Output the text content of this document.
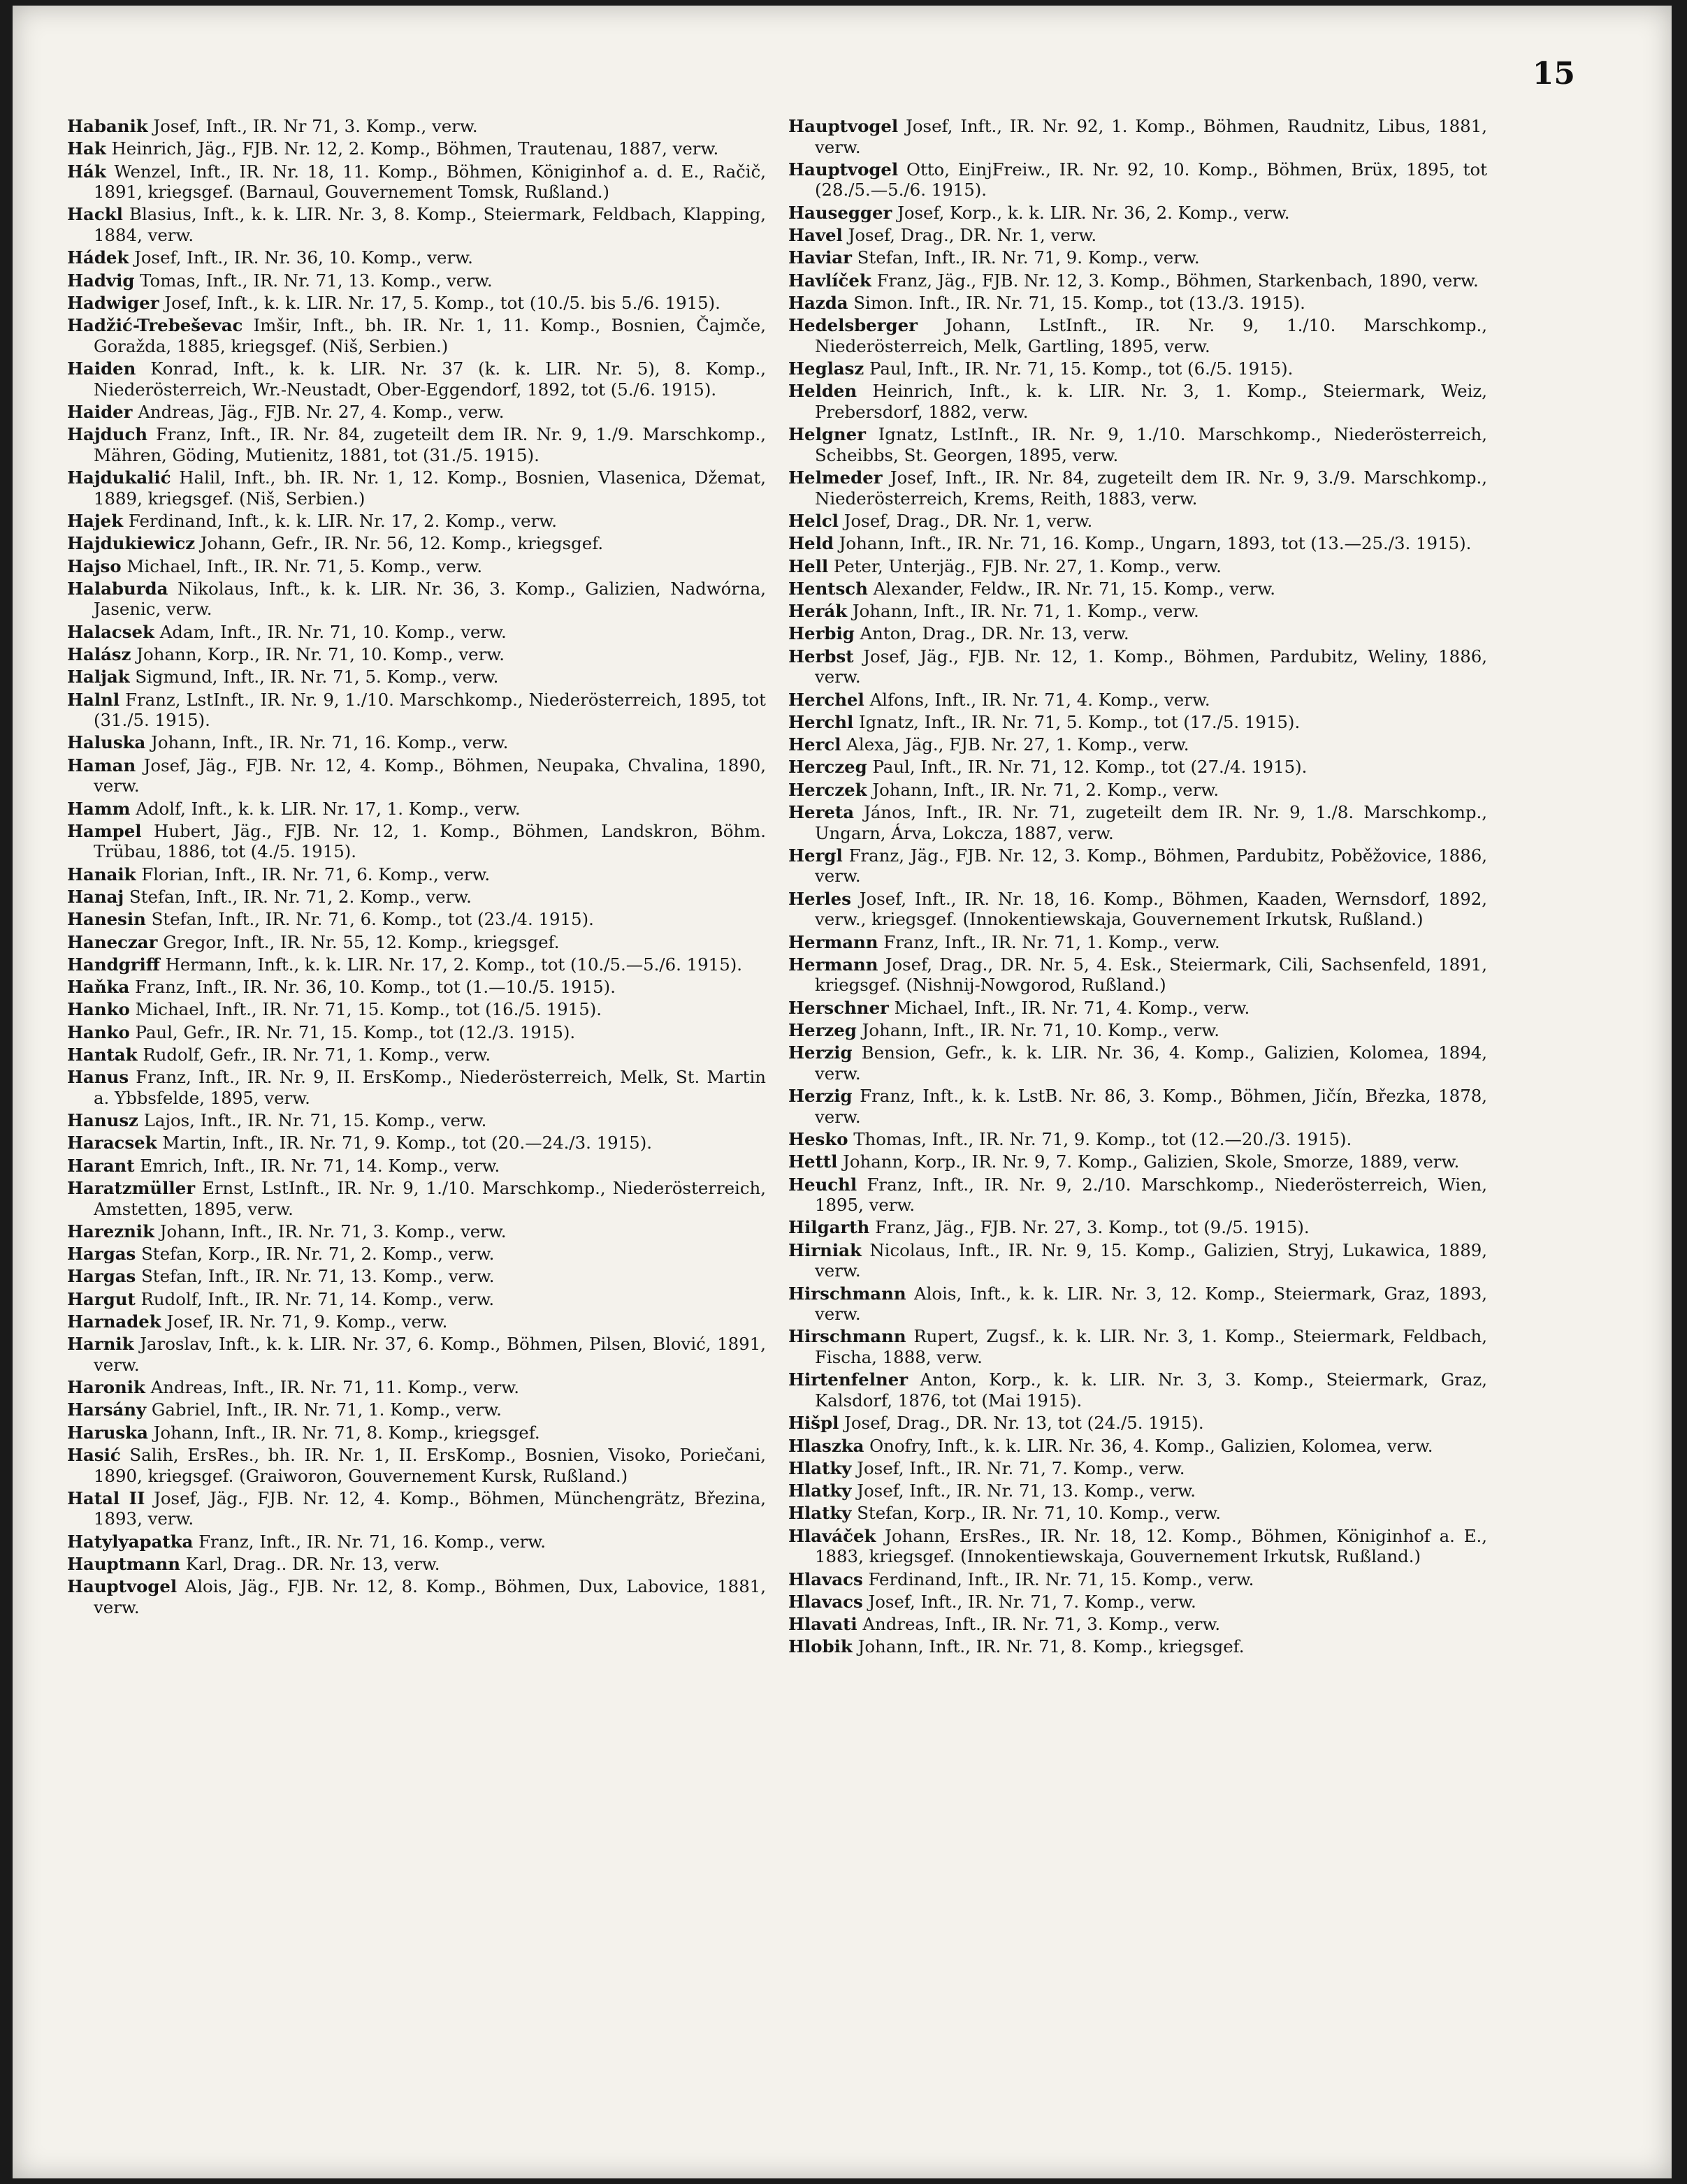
15

Habanik Josef, Inft., IR. Nr 71, 3. Komp., verw.

Hak Heinrich, Jäg., FJB. Nr. 12, 2. Komp., Böhmen, Trautenau, 1887, verw.

Hák Wenzel, Inft., IR. Nr. 18, 11. Komp., Böhmen, Königinhof a. d. E., Račič, 1891, kriegsgef. (Barnaul, Gouvernement Tomsk, Rußland.)

Hackl Blasius, Inft., k. k. LIR. Nr. 3, 8. Komp., Steiermark, Feldbach, Klapping, 1884, verw.

Hádek Josef, Inft., IR. Nr. 36, 10. Komp., verw.

Hadvig Tomas, Inft., IR. Nr. 71, 13. Komp., verw.

Hadwiger Josef, Inft., k. k. LIR. Nr. 17, 5. Komp., tot (10./5. bis 5./6. 1915).

Hadžić-Trebeševac Imšir, Inft., bh. IR. Nr. 1, 11. Komp., Bosnien, Čajmče, Goražda, 1885, kriegsgef. (Niš, Serbien.)

Haiden Konrad, Inft., k. k. LIR. Nr. 37 (k. k. LIR. Nr. 5), 8. Komp., Niederösterreich, Wr.-Neustadt, Ober-Eggendorf, 1892, tot (5./6. 1915).

Haider Andreas, Jäg., FJB. Nr. 27, 4. Komp., verw.

Hajduch Franz, Inft., IR. Nr. 84, zugeteilt dem IR. Nr. 9, 1./9. Marschkomp., Mähren, Göding, Mutienitz, 1881, tot (31./5. 1915).

Hajdukalić Halil, Inft., bh. IR. Nr. 1, 12. Komp., Bosnien, Vlasenica, Džemat, 1889, kriegsgef. (Niš, Serbien.)

Hajek Ferdinand, Inft., k. k. LIR. Nr. 17, 2. Komp., verw.

Hajdukiewicz Johann, Gefr., IR. Nr. 56, 12. Komp., kriegsgef.

Hajso Michael, Inft., IR. Nr. 71, 5. Komp., verw.

Halaburda Nikolaus, Inft., k. k. LIR. Nr. 36, 3. Komp., Galizien, Nadwórna, Jasenic, verw.

Halacsek Adam, Inft., IR. Nr. 71, 10. Komp., verw.

Halász Johann, Korp., IR. Nr. 71, 10. Komp., verw.

Haljak Sigmund, Inft., IR. Nr. 71, 5. Komp., verw.

Halnl Franz, LstInft., IR. Nr. 9, 1./10. Marschkomp., Niederösterreich, 1895, tot (31./5. 1915).

Haluska Johann, Inft., IR. Nr. 71, 16. Komp., verw.

Haman Josef, Jäg., FJB. Nr. 12, 4. Komp., Böhmen, Neupaka, Chvalina, 1890, verw.

Hamm Adolf, Inft., k. k. LIR. Nr. 17, 1. Komp., verw.

Hampel Hubert, Jäg., FJB. Nr. 12, 1. Komp., Böhmen, Landskron, Böhm. Trübau, 1886, tot (4./5. 1915).

Hanaik Florian, Inft., IR. Nr. 71, 6. Komp., verw.

Hanaj Stefan, Inft., IR. Nr. 71, 2. Komp., verw.

Hanesin Stefan, Inft., IR. Nr. 71, 6. Komp., tot (23./4. 1915).

Haneczar Gregor, Inft., IR. Nr. 55, 12. Komp., kriegsgef.

Handgriff Hermann, Inft., k. k. LIR. Nr. 17, 2. Komp., tot (10./5.—5./6. 1915).

Haňka Franz, Inft., IR. Nr. 36, 10. Komp., tot (1.—10./5. 1915).

Hanko Michael, Inft., IR. Nr. 71, 15. Komp., tot (16./5. 1915).

Hanko Paul, Gefr., IR. Nr. 71, 15. Komp., tot (12./3. 1915).

Hantak Rudolf, Gefr., IR. Nr. 71, 1. Komp., verw.

Hanus Franz, Inft., IR. Nr. 9, II. ErsKomp., Niederösterreich, Melk, St. Martin a. Ybbsfelde, 1895, verw.

Hanusz Lajos, Inft., IR. Nr. 71, 15. Komp., verw.

Haracsek Martin, Inft., IR. Nr. 71, 9. Komp., tot (20.—24./3. 1915).

Harant Emrich, Inft., IR. Nr. 71, 14. Komp., verw.

Haratzmüller Ernst, LstInft., IR. Nr. 9, 1./10. Marschkomp., Niederösterreich, Amstetten, 1895, verw.

Hareznik Johann, Inft., IR. Nr. 71, 3. Komp., verw.

Hargas Stefan, Korp., IR. Nr. 71, 2. Komp., verw.

Hargas Stefan, Inft., IR. Nr. 71, 13. Komp., verw.

Hargut Rudolf, Inft., IR. Nr. 71, 14. Komp., verw.

Harnadek Josef, IR. Nr. 71, 9. Komp., verw.

Harnik Jaroslav, Inft., k. k. LIR. Nr. 37, 6. Komp., Böhmen, Pilsen, Blović, 1891, verw.

Haronik Andreas, Inft., IR. Nr. 71, 11. Komp., verw.

Harsány Gabriel, Inft., IR. Nr. 71, 1. Komp., verw.

Haruska Johann, Inft., IR. Nr. 71, 8. Komp., kriegsgef.

Hasić Salih, ErsRes., bh. IR. Nr. 1, II. ErsKomp., Bosnien, Visoko, Poriečani, 1890, kriegsgef. (Graiworon, Gouvernement Kursk, Rußland.)

Hatal II Josef, Jäg., FJB. Nr. 12, 4. Komp., Böhmen, Münchengrätz, Březina, 1893, verw.

Hatylyapatka Franz, Inft., IR. Nr. 71, 16. Komp., verw.

Hauptmann Karl, Drag.. DR. Nr. 13, verw.

Hauptvogel Alois, Jäg., FJB. Nr. 12, 8. Komp., Böhmen, Dux, Labovice, 1881, verw.

Hauptvogel Josef, Inft., IR. Nr. 92, 1. Komp., Böhmen, Raudnitz, Libus, 1881, verw.

Hauptvogel Otto, EinjFreiw., IR. Nr. 92, 10. Komp., Böhmen, Brüx, 1895, tot (28./5.—5./6. 1915).

Hausegger Josef, Korp., k. k. LIR. Nr. 36, 2. Komp., verw.

Havel Josef, Drag., DR. Nr. 1, verw.

Haviar Stefan, Inft., IR. Nr. 71, 9. Komp., verw.

Havlíček Franz, Jäg., FJB. Nr. 12, 3. Komp., Böhmen, Starkenbach, 1890, verw.

Hazda Simon. Inft., IR. Nr. 71, 15. Komp., tot (13./3. 1915).

Hedelsberger Johann, LstInft., IR. Nr. 9, 1./10. Marschkomp., Niederösterreich, Melk, Gartling, 1895, verw.

Heglasz Paul, Inft., IR. Nr. 71, 15. Komp., tot (6./5. 1915).

Helden Heinrich, Inft., k. k. LIR. Nr. 3, 1. Komp., Steiermark, Weiz, Prebersdorf, 1882, verw.

Helgner Ignatz, LstInft., IR. Nr. 9, 1./10. Marschkomp., Niederösterreich, Scheibbs, St. Georgen, 1895, verw.

Helmeder Josef, Inft., IR. Nr. 84, zugeteilt dem IR. Nr. 9, 3./9. Marschkomp., Niederösterreich, Krems, Reith, 1883, verw.

Helcl Josef, Drag., DR. Nr. 1, verw.

Held Johann, Inft., IR. Nr. 71, 16. Komp., Ungarn, 1893, tot (13.—25./3. 1915).

Hell Peter, Unterjäg., FJB. Nr. 27, 1. Komp., verw.

Hentsch Alexander, Feldw., IR. Nr. 71, 15. Komp., verw.

Herák Johann, Inft., IR. Nr. 71, 1. Komp., verw.

Herbig Anton, Drag., DR. Nr. 13, verw.

Herbst Josef, Jäg., FJB. Nr. 12, 1. Komp., Böhmen, Pardubitz, Weliny, 1886, verw.

Herchel Alfons, Inft., IR. Nr. 71, 4. Komp., verw.

Herchl Ignatz, Inft., IR. Nr. 71, 5. Komp., tot (17./5. 1915).

Hercl Alexa, Jäg., FJB. Nr. 27, 1. Komp., verw.

Herczeg Paul, Inft., IR. Nr. 71, 12. Komp., tot (27./4. 1915).

Herczek Johann, Inft., IR. Nr. 71, 2. Komp., verw.

Hereta János, Inft., IR. Nr. 71, zugeteilt dem IR. Nr. 9, 1./8. Marschkomp., Ungarn, Árva, Lokcza, 1887, verw.

Hergl Franz, Jäg., FJB. Nr. 12, 3. Komp., Böhmen, Pardubitz, Poběžovice, 1886, verw.

Herles Josef, Inft., IR. Nr. 18, 16. Komp., Böhmen, Kaaden, Wernsdorf, 1892, verw., kriegsgef. (Innokentiewskaja, Gouvernement Irkutsk, Rußland.)

Hermann Franz, Inft., IR. Nr. 71, 1. Komp., verw.

Hermann Josef, Drag., DR. Nr. 5, 4. Esk., Steiermark, Cili, Sachsenfeld, 1891, kriegsgef. (Nishnij-Nowgorod, Rußland.)

Herschner Michael, Inft., IR. Nr. 71, 4. Komp., verw.

Herzeg Johann, Inft., IR. Nr. 71, 10. Komp., verw.

Herzig Bension, Gefr., k. k. LIR. Nr. 36, 4. Komp., Galizien, Kolomea, 1894, verw.

Herzig Franz, Inft., k. k. LstB. Nr. 86, 3. Komp., Böhmen, Jičín, Březka, 1878, verw.

Hesko Thomas, Inft., IR. Nr. 71, 9. Komp., tot (12.—20./3. 1915).

Hettl Johann, Korp., IR. Nr. 9, 7. Komp., Galizien, Skole, Smorze, 1889, verw.

Heuchl Franz, Inft., IR. Nr. 9, 2./10. Marschkomp., Niederösterreich, Wien, 1895, verw.

Hilgarth Franz, Jäg., FJB. Nr. 27, 3. Komp., tot (9./5. 1915).

Hirniak Nicolaus, Inft., IR. Nr. 9, 15. Komp., Galizien, Stryj, Lukawica, 1889, verw.

Hirschmann Alois, Inft., k. k. LIR. Nr. 3, 12. Komp., Steiermark, Graz, 1893, verw.

Hirschmann Rupert, Zugsf., k. k. LIR. Nr. 3, 1. Komp., Steiermark, Feldbach, Fischa, 1888, verw.

Hirtenfelner Anton, Korp., k. k. LIR. Nr. 3, 3. Komp., Steiermark, Graz, Kalsdorf, 1876, tot (Mai 1915).

Hišpl Josef, Drag., DR. Nr. 13, tot (24./5. 1915).

Hlaszka Onofry, Inft., k. k. LIR. Nr. 36, 4. Komp., Galizien, Kolomea, verw.

Hlatky Josef, Inft., IR. Nr. 71, 7. Komp., verw.

Hlatky Josef, Inft., IR. Nr. 71, 13. Komp., verw.

Hlatky Stefan, Korp., IR. Nr. 71, 10. Komp., verw.

Hlaváček Johann, ErsRes., IR. Nr. 18, 12. Komp., Böhmen, Königinhof a. E., 1883, kriegsgef. (Innokentiewskaja, Gouvernement Irkutsk, Rußland.)

Hlavacs Ferdinand, Inft., IR. Nr. 71, 15. Komp., verw.

Hlavacs Josef, Inft., IR. Nr. 71, 7. Komp., verw.

Hlavati Andreas, Inft., IR. Nr. 71, 3. Komp., verw.

Hlobik Johann, Inft., IR. Nr. 71, 8. Komp., kriegsgef.
